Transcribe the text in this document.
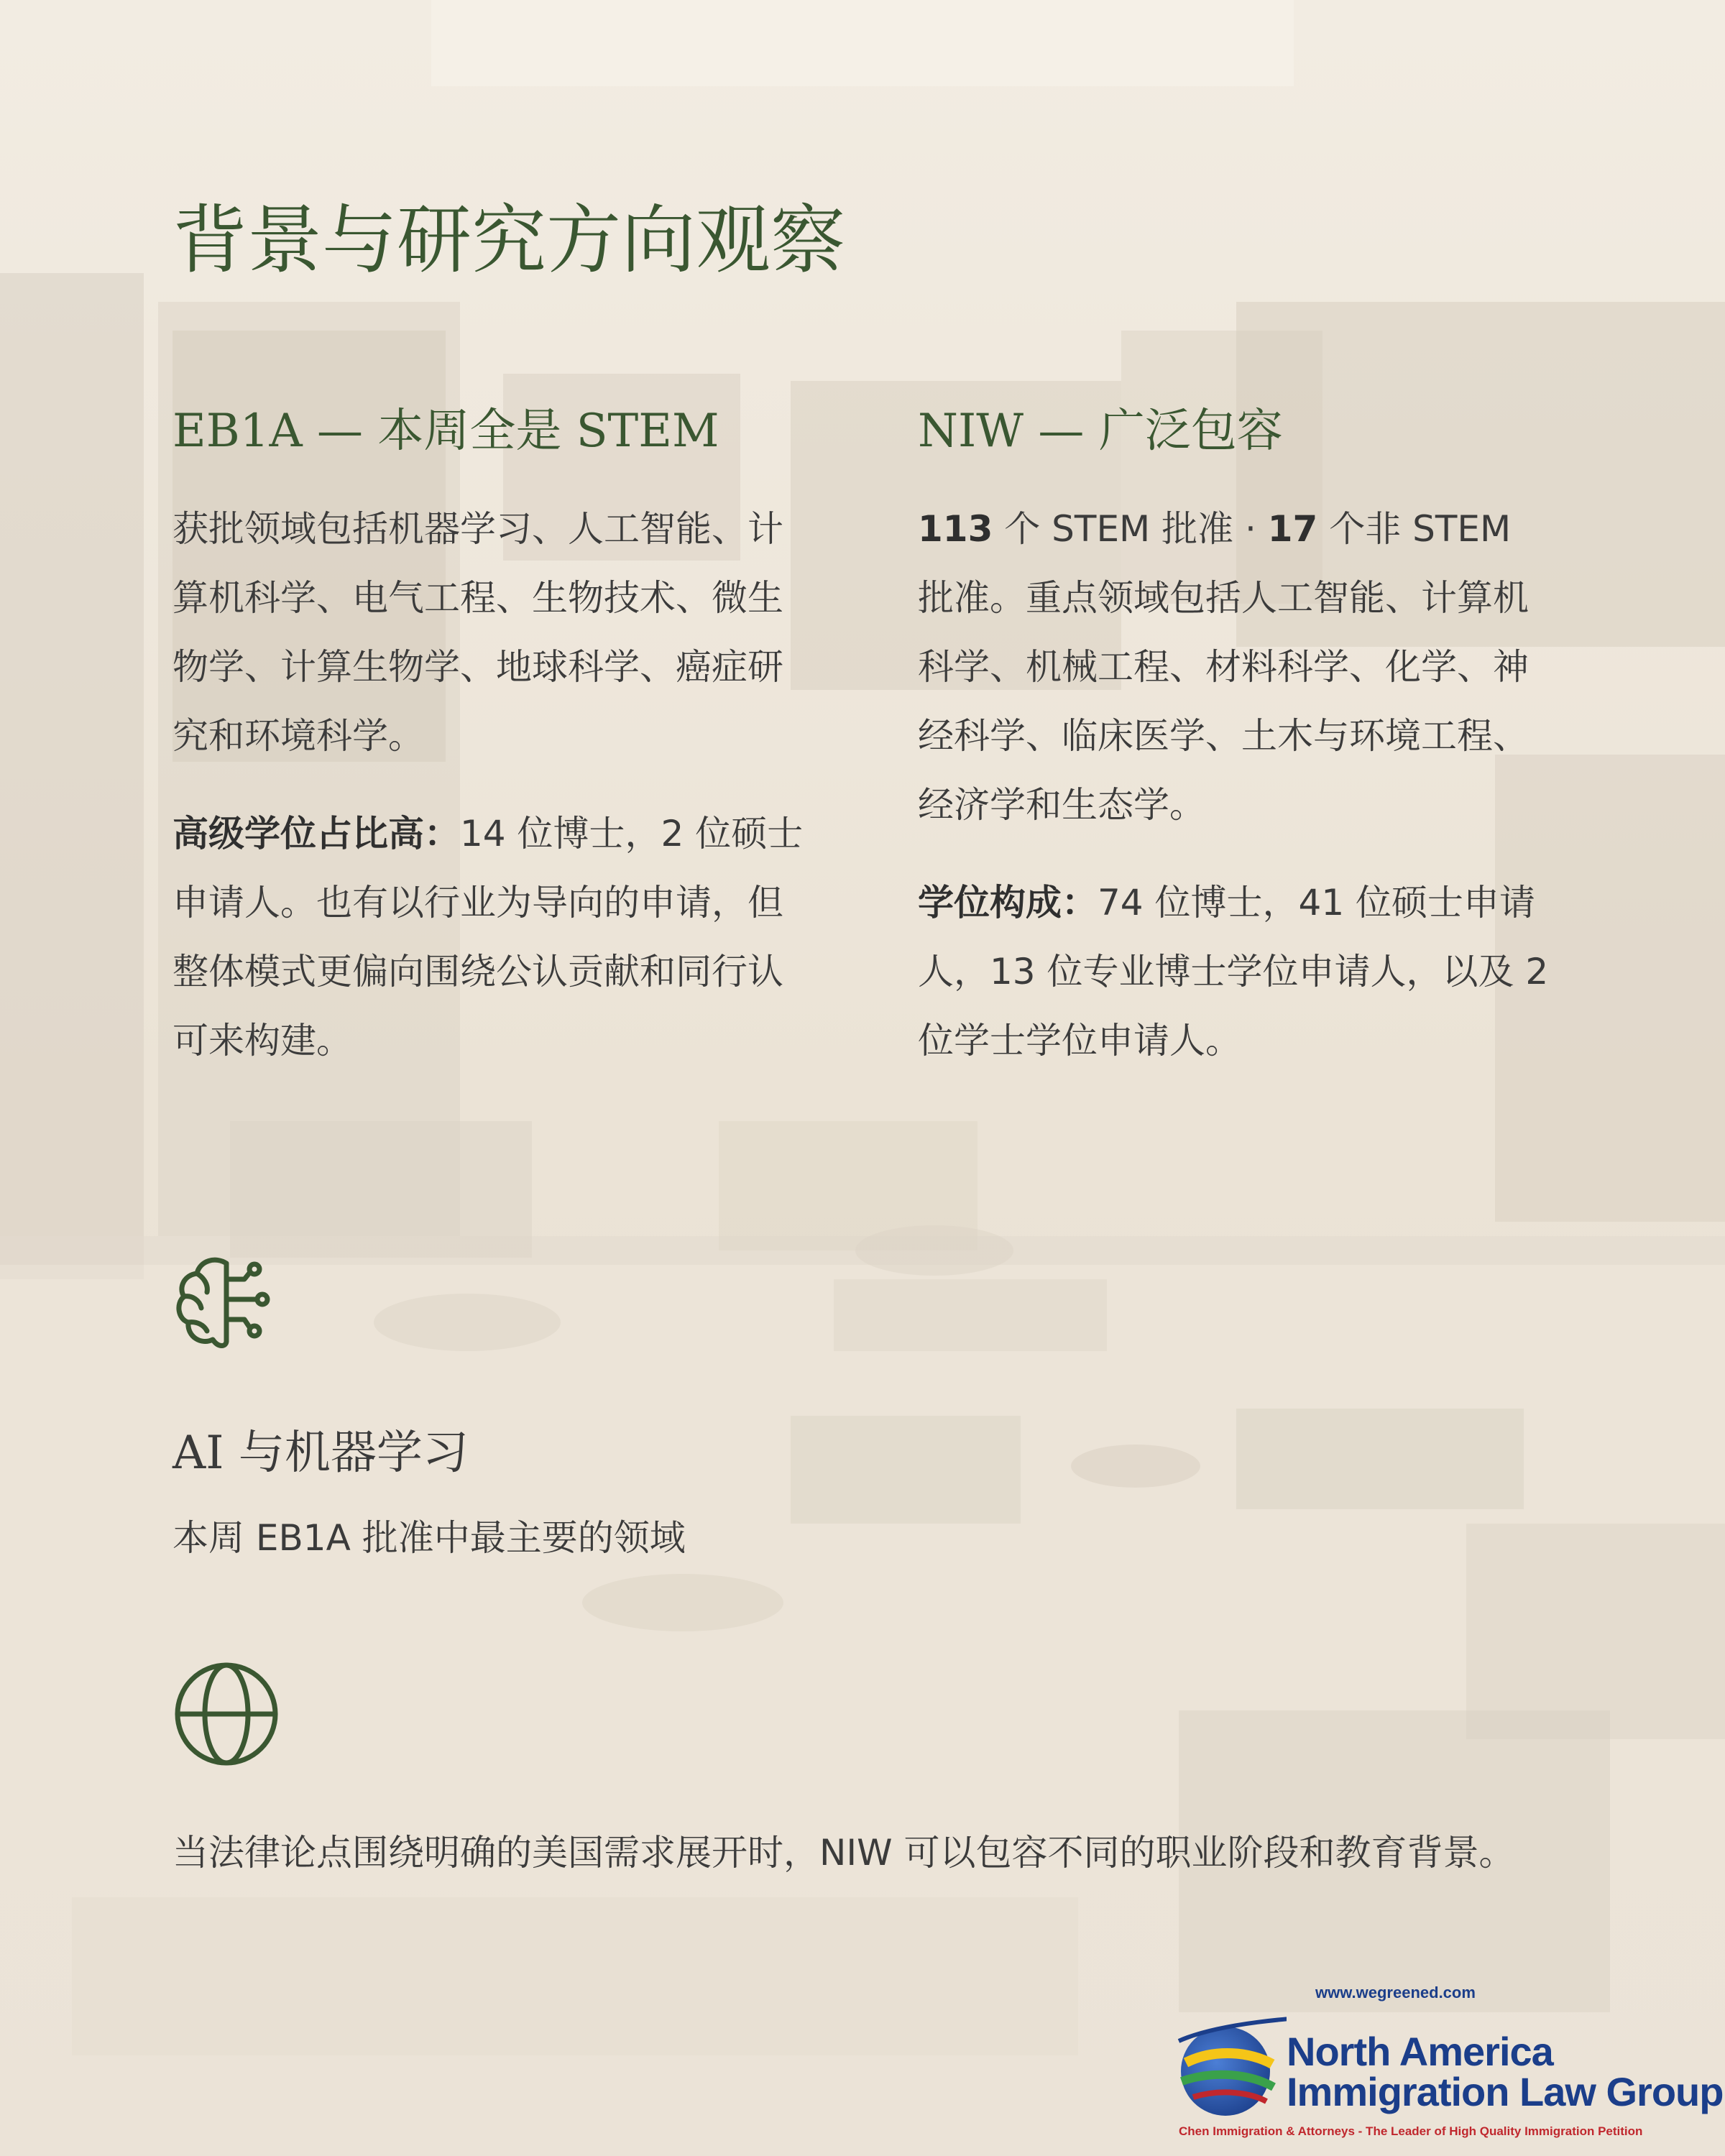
背景与研究方向观察
EB1A — 本周全是 STEM

获批领域包括机器学习、人工智能、计算机科学、电气工程、生物技术、微生物学、计算生物学、地球科学、癌症研究和环境科学。

高级学位占比高：14 位博士，2 位硕士申请人。也有以行业为导向的申请，但整体模式更偏向围绕公认贡献和同行认可来构建。

NIW — 广泛包容

113 个 STEM 批准 · 17 个非 STEM 批准。重点领域包括人工智能、计算机科学、机械工程、材料科学、化学、神经科学、临床医学、土木与环境工程、经济学和生态学。

学位构成：74 位博士，41 位硕士申请人，13 位专业博士学位申请人，以及 2 位学士学位申请人。

AI 与机器学习

本周 EB1A 批准中最主要的领域

当法律论点围绕明确的美国需求展开时，NIW 可以包容不同的职业阶段和教育背景。

www.wegreened.com
North America
Immigration Law Group
Chen Immigration & Attorneys - The Leader of High Quality Immigration Petition
